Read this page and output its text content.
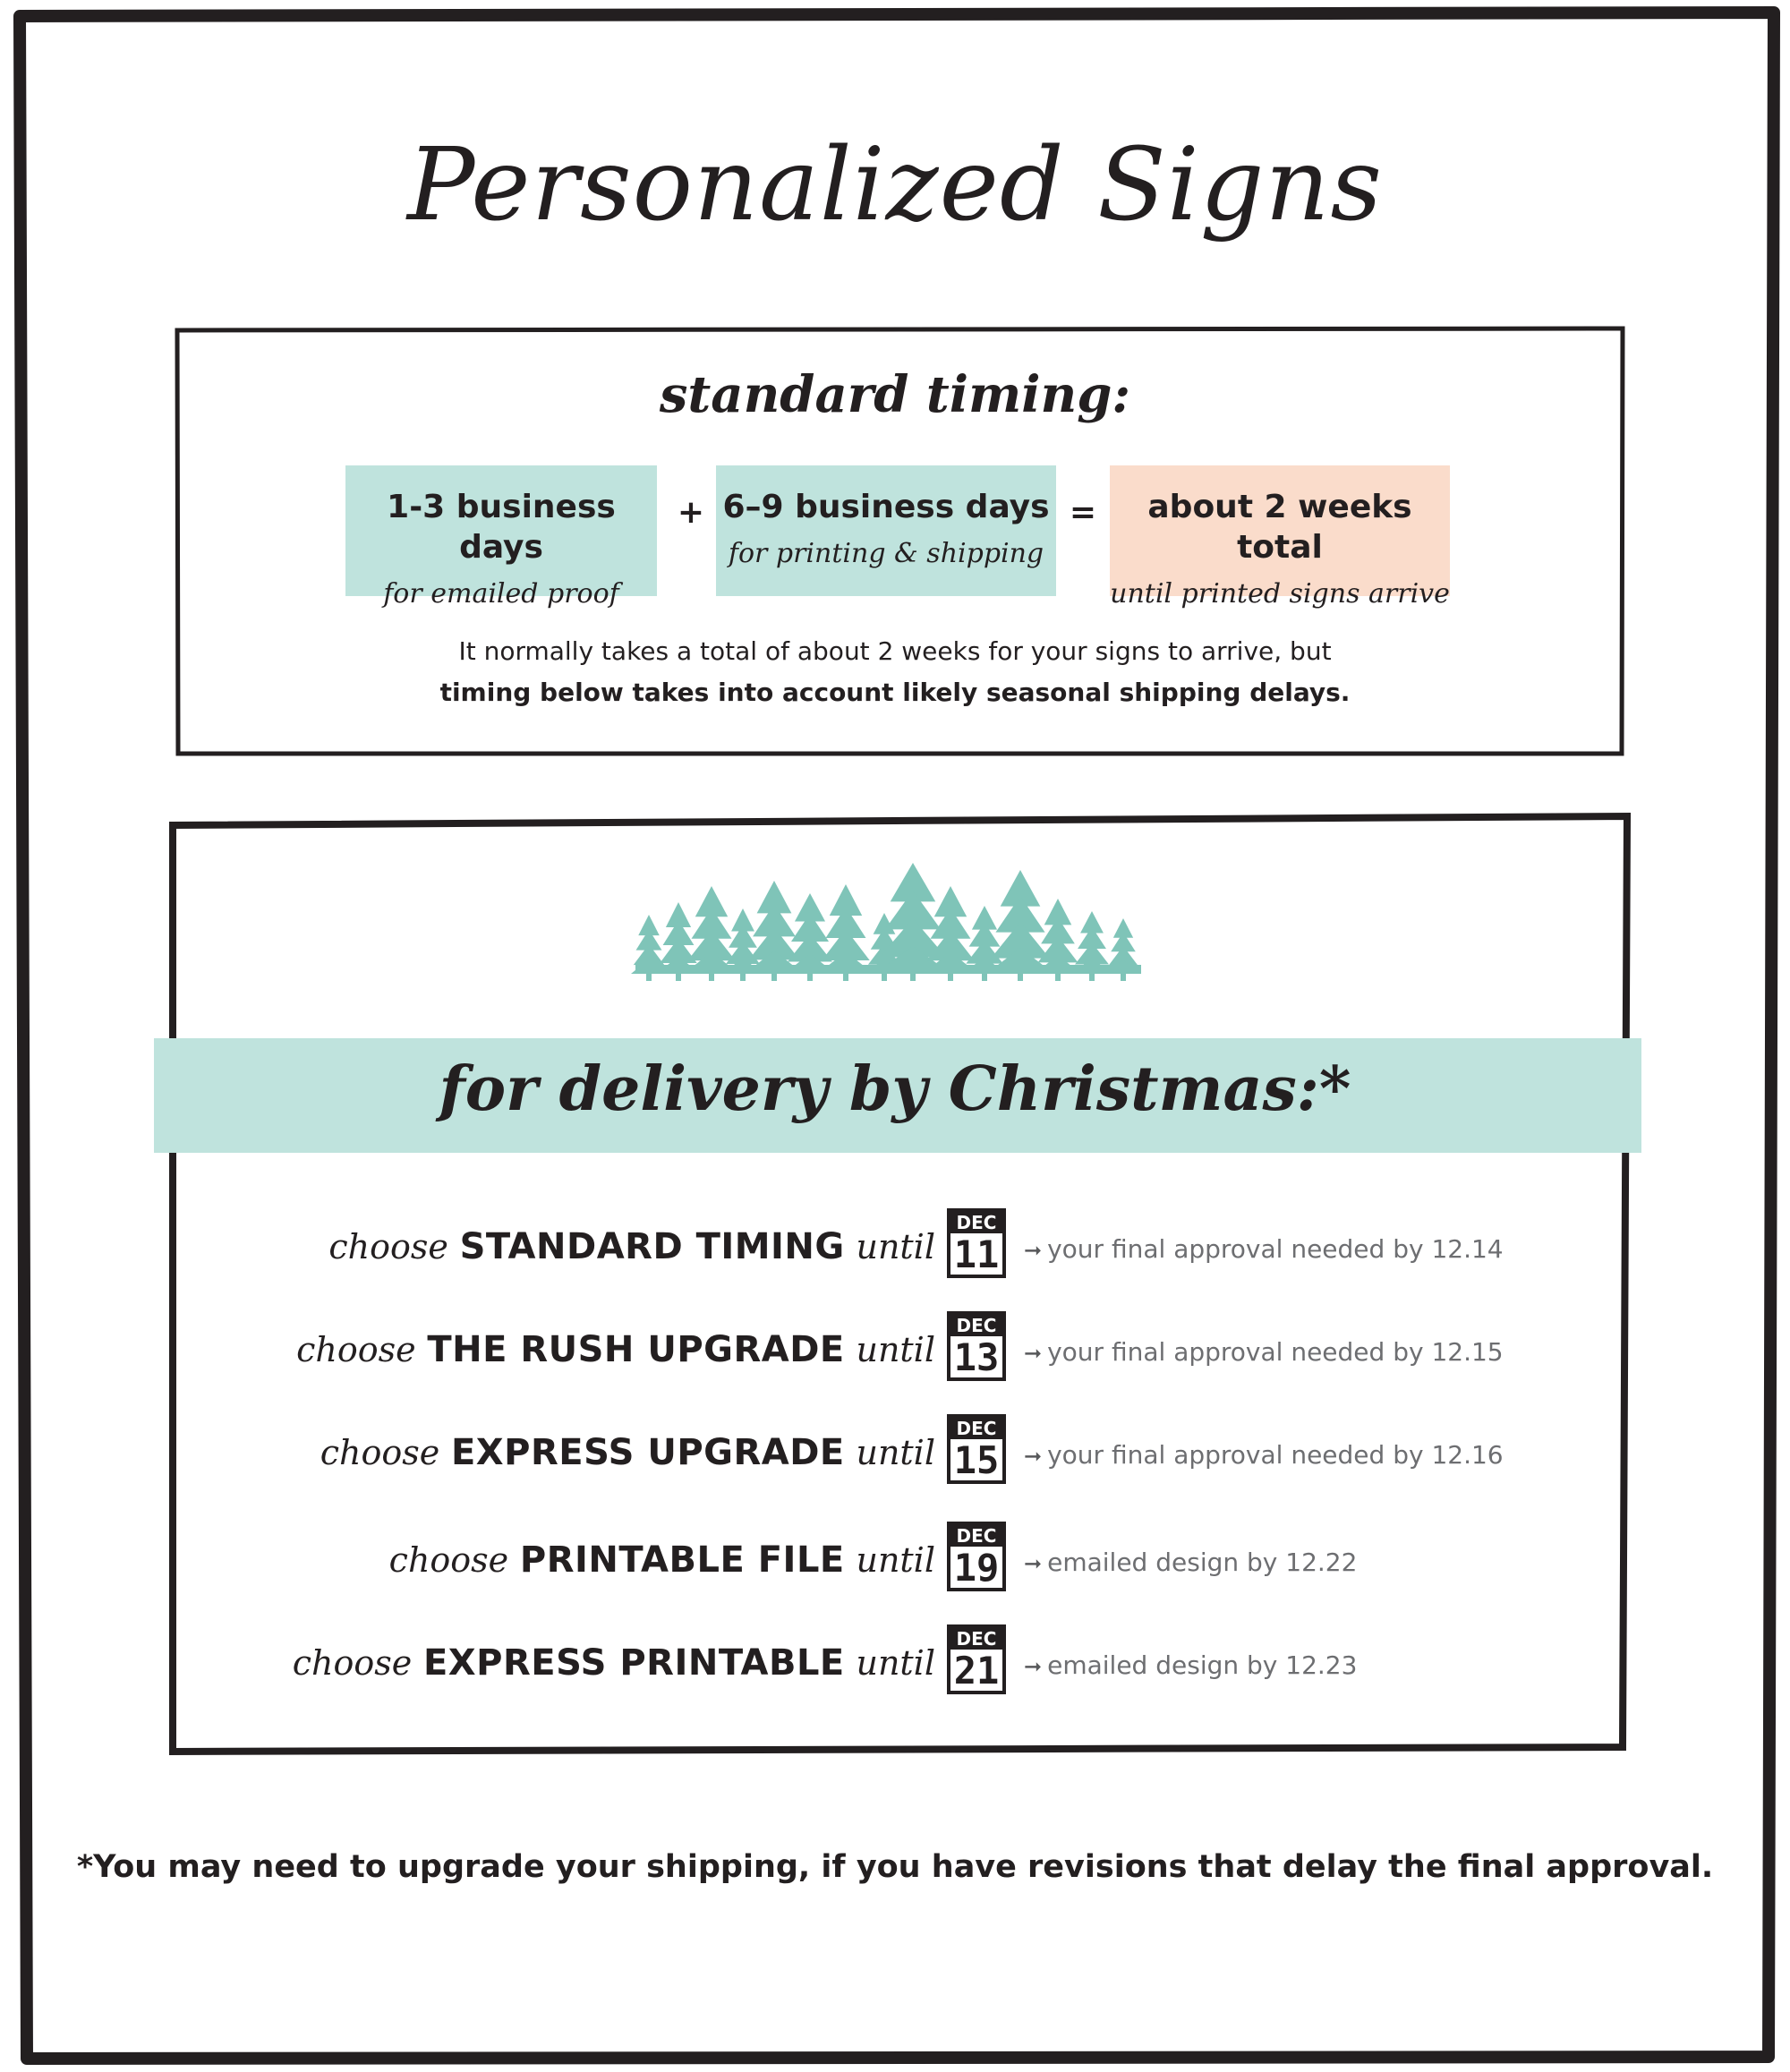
Personalized Signs
standard timing:
1-3 business days
for emailed proof
+ 6–9 business days
for printing & shipping
=	about 2 weeks total
until printed signs arrive
It normally takes a total of about 2 weeks for your signs to arrive, but
timing below takes into account likely seasonal shipping delays.
for delivery by Christmas:*
choose STANDARD TIMING until
DEC
11 ➞ your final approval needed by 12.14
choose THE RUSH UPGRADE until
DEC
13 ➞ your final approval needed by 12.15
choose EXPRESS UPGRADE until
DEC
15 ➞ your final approval needed by 12.16
choose PRINTABLE FILE until
DEC
19 ➞ emailed design by 12.22
choose EXPRESS PRINTABLE until
DEC
21 ➞ emailed design by 12.23
*You may need to upgrade your shipping, if you have revisions that delay the final approval.
